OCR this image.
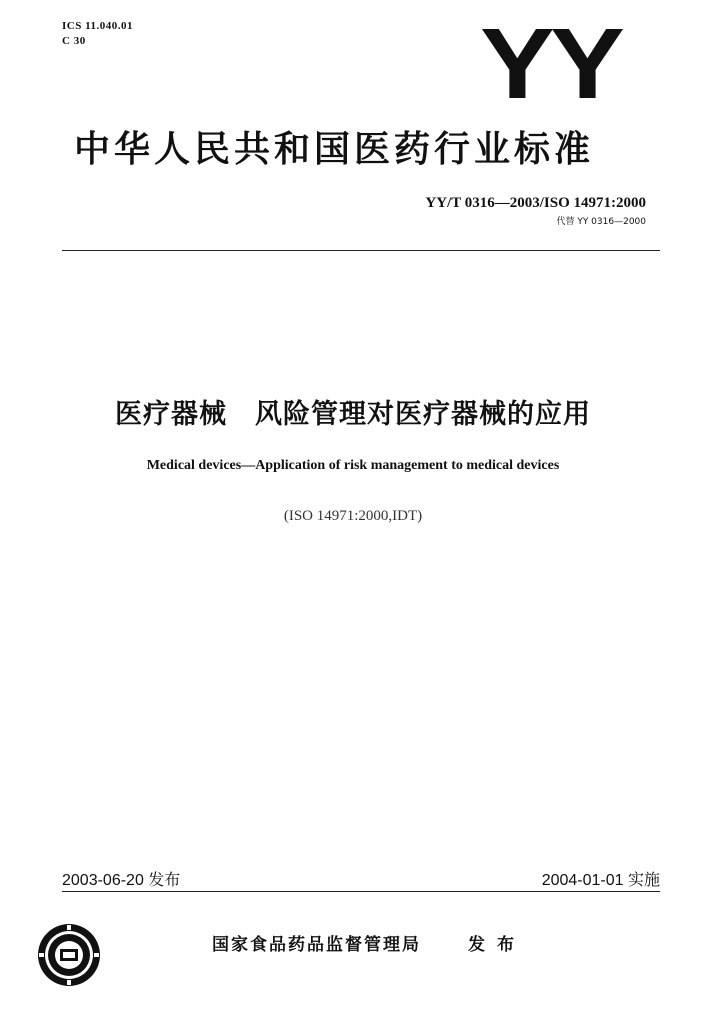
ICS 11.040.01
C 30	YY
中华人民共和国医药行业标准
YY/T 0316—2003/ISO 14971:2000
代替 YY 0316—2000
医疗器械　风险管理对医疗器械的应用
Medical devices—Application of risk management to medical devices
(ISO 14971:2000,IDT)
2003-06-20 发布	2004-01-01 实施
国家食品药品监督管理局	发布
